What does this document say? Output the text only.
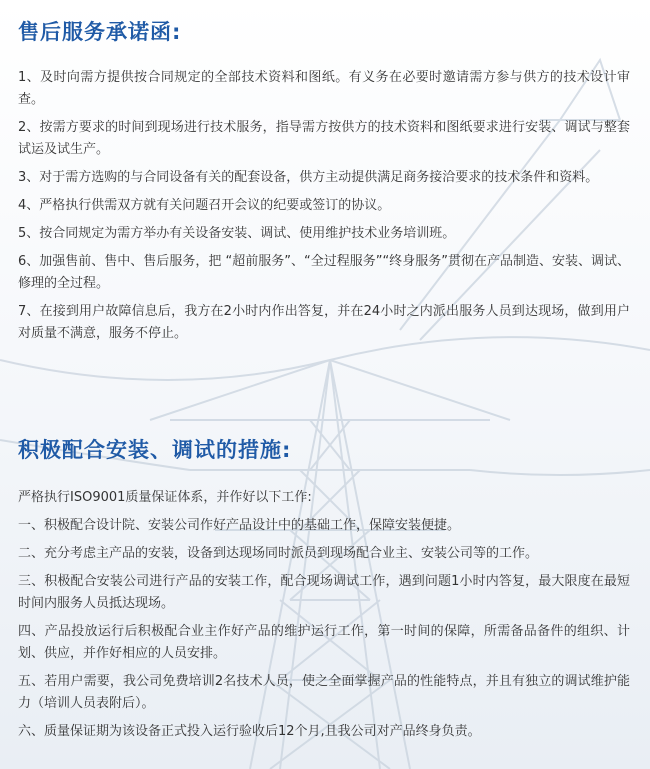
售后服务承诺函:

1、及时向需方提供按合同规定的全部技术资料和图纸。有义务在必要时邀请需方参与供方的技术设计审查。

2、按需方要求的时间到现场进行技术服务，指导需方按供方的技术资料和图纸要求进行安装、调试与整套试运及试生产。

3、对于需方选购的与合同设备有关的配套设备，供方主动提供满足商务接洽要求的技术条件和资料。

4、严格执行供需双方就有关问题召开会议的纪要或签订的协议。

5、按合同规定为需方举办有关设备安装、调试、使用维护技术业务培训班。

6、加强售前、售中、售后服务，把 “超前服务”、“全过程服务”“终身服务”贯彻在产品制造、安装、调试、修理的全过程。

7、在接到用户故障信息后，我方在2小时内作出答复，并在24小时之内派出服务人员到达现场，做到用户对质量不满意，服务不停止。

积极配合安装、调试的措施:

严格执行ISO9001质量保证体系，并作好以下工作:

一、积极配合设计院、安装公司作好产品设计中的基础工作，保障安装便捷。

二、充分考虑主产品的安装，设备到达现场同时派员到现场配合业主、安装公司等的工作。

三、积极配合安装公司进行产品的安装工作，配合现场调试工作，遇到问题1小时内答复，最大限度在最短时间内服务人员抵达现场。

四、产品投放运行后积极配合业主作好产品的维护运行工作，第一时间的保障，所需备品备件的组织、计划、供应，并作好相应的人员安排。

五、若用户需要，我公司免费培训2名技术人员，使之全面掌握产品的性能特点，并且有独立的调试维护能力（培训人员表附后）。

六、质量保证期为该设备正式投入运行验收后12个月,且我公司对产品终身负责。
